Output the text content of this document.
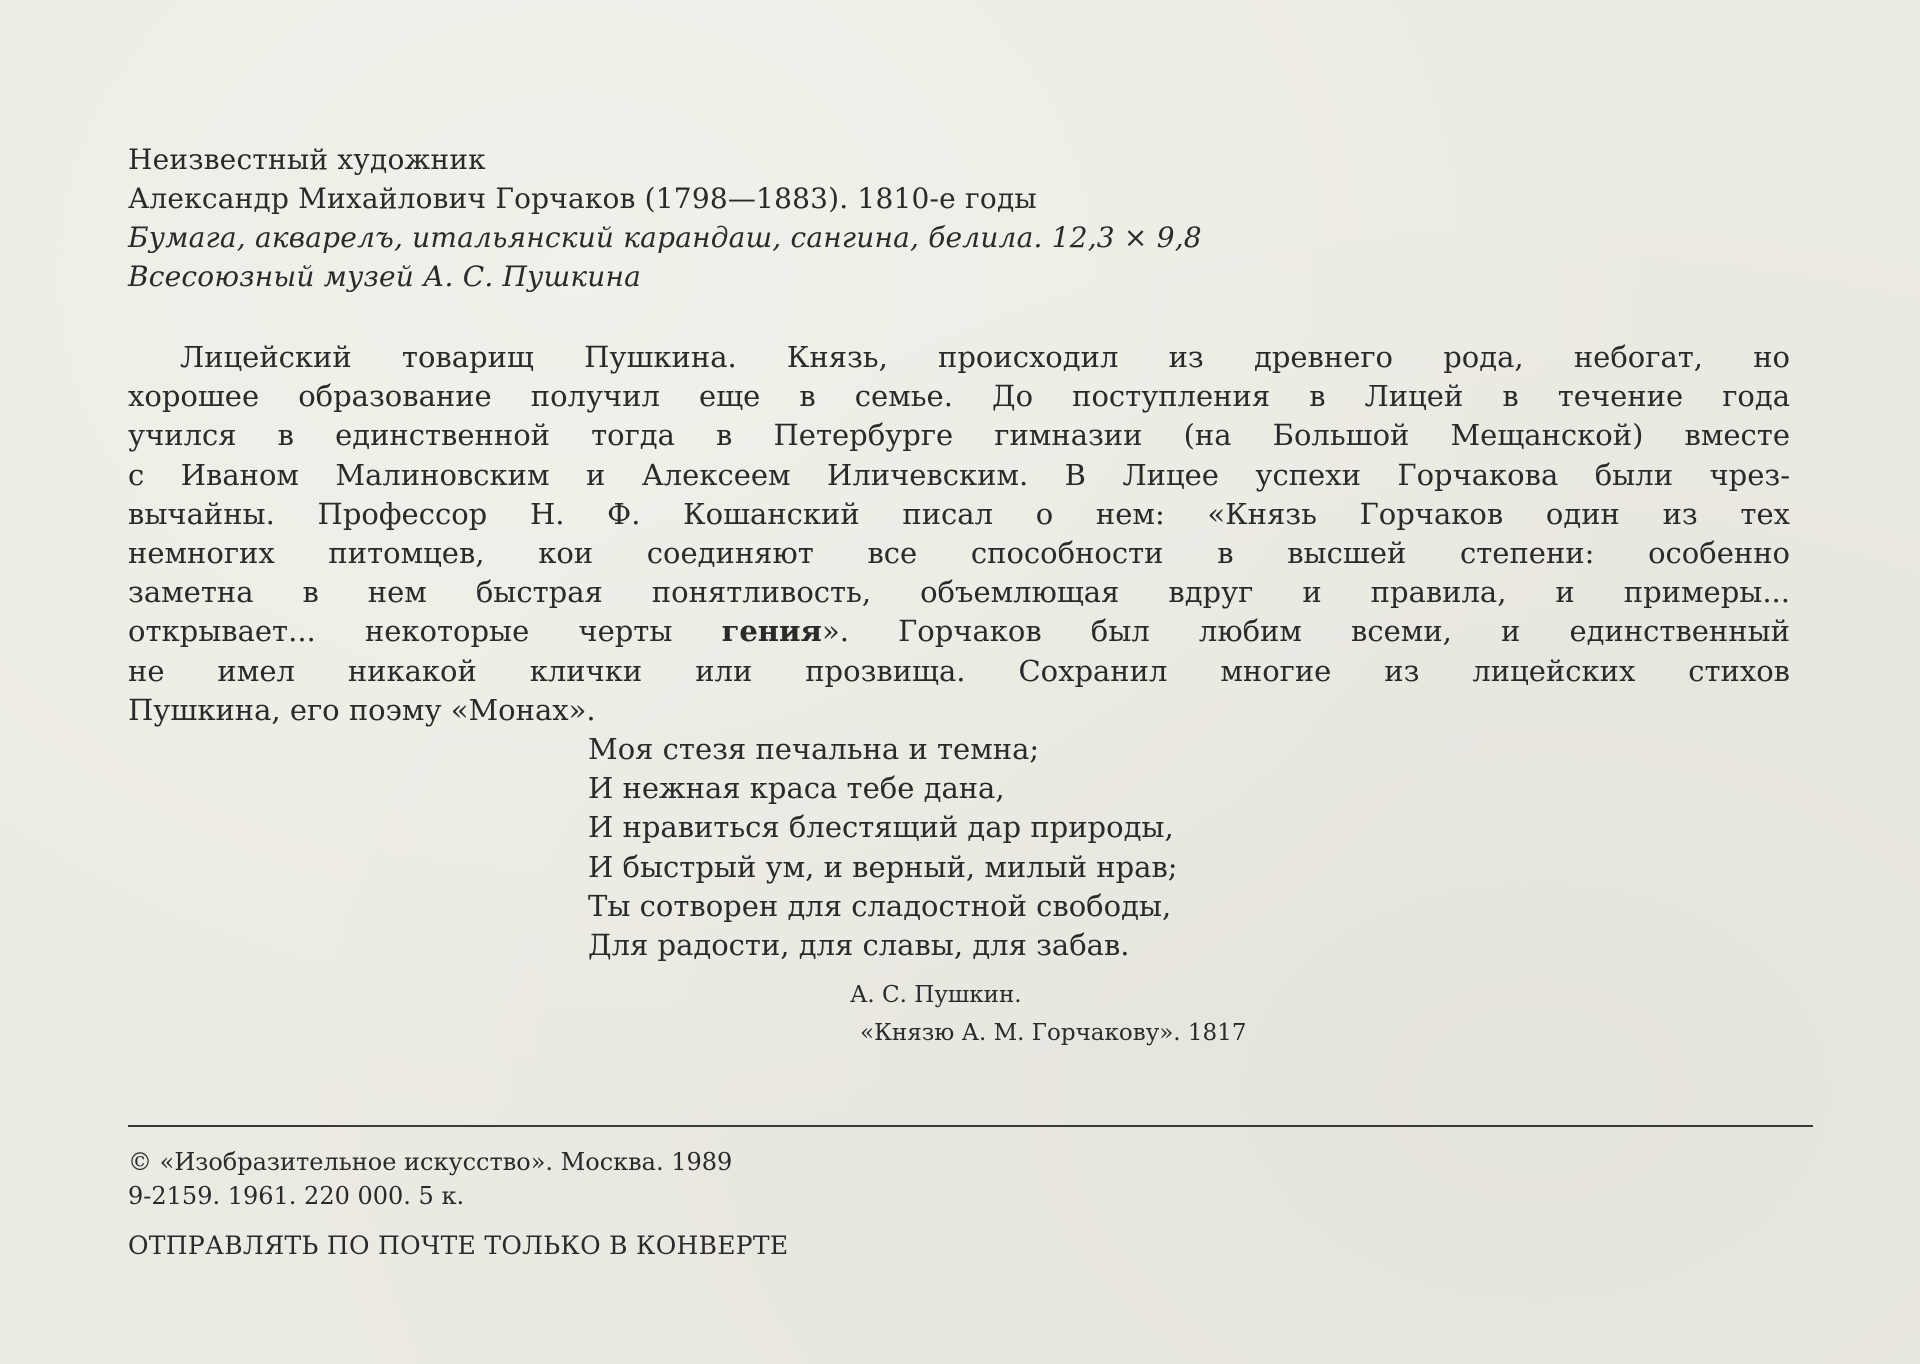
Неизвестный художник
Александр Михайлович Горчаков (1798—1883). 1810-е годы
Бумага, акварелъ, итальянский карандаш, сангина, белила. 12,3 × 9,8
Всесоюзный музей А. С. Пушкина
Лицейский товарищ Пушкина. Князь, происходил из древнего рода, небогат, но
хорошее образование получил еще в семье. До поступления в Лицей в течение года
учился в единственной тогда в Петербурге гимназии (на Большой Мещанской) вместе
с Иваном Малиновским и Алексеем Иличевским. В Лицее успехи Горчакова были чрез-
вычайны. Профессор Н. Ф. Кошанский писал о нем: «Князь Горчаков один из тех
немногих питомцев, кои соединяют все способности в высшей степени: особенно
заметна в нем быстрая понятливость, объемлющая вдруг и правила, и примеры...
открывает... некоторые черты гения». Горчаков был любим всеми, и единственный
не имел никакой клички или прозвища. Сохранил многие из лицейских стихов
Пушкина, его поэму «Монах».
Моя стезя печальна и темна;
И нежная краса тебе дана,
И нравиться блестящий дар природы,
И быстрый ум, и верный, милый нрав;
Ты сотворен для сладостной свободы,
Для радости, для славы, для забав.
А. С. Пушкин.
«Князю А. М. Горчакову». 1817
© «Изобразительное искусство». Москва. 1989
9-2159. 1961. 220 000. 5 к.
ОТПРАВЛЯТЬ ПО ПОЧТЕ ТОЛЬКО В КОНВЕРТЕ
